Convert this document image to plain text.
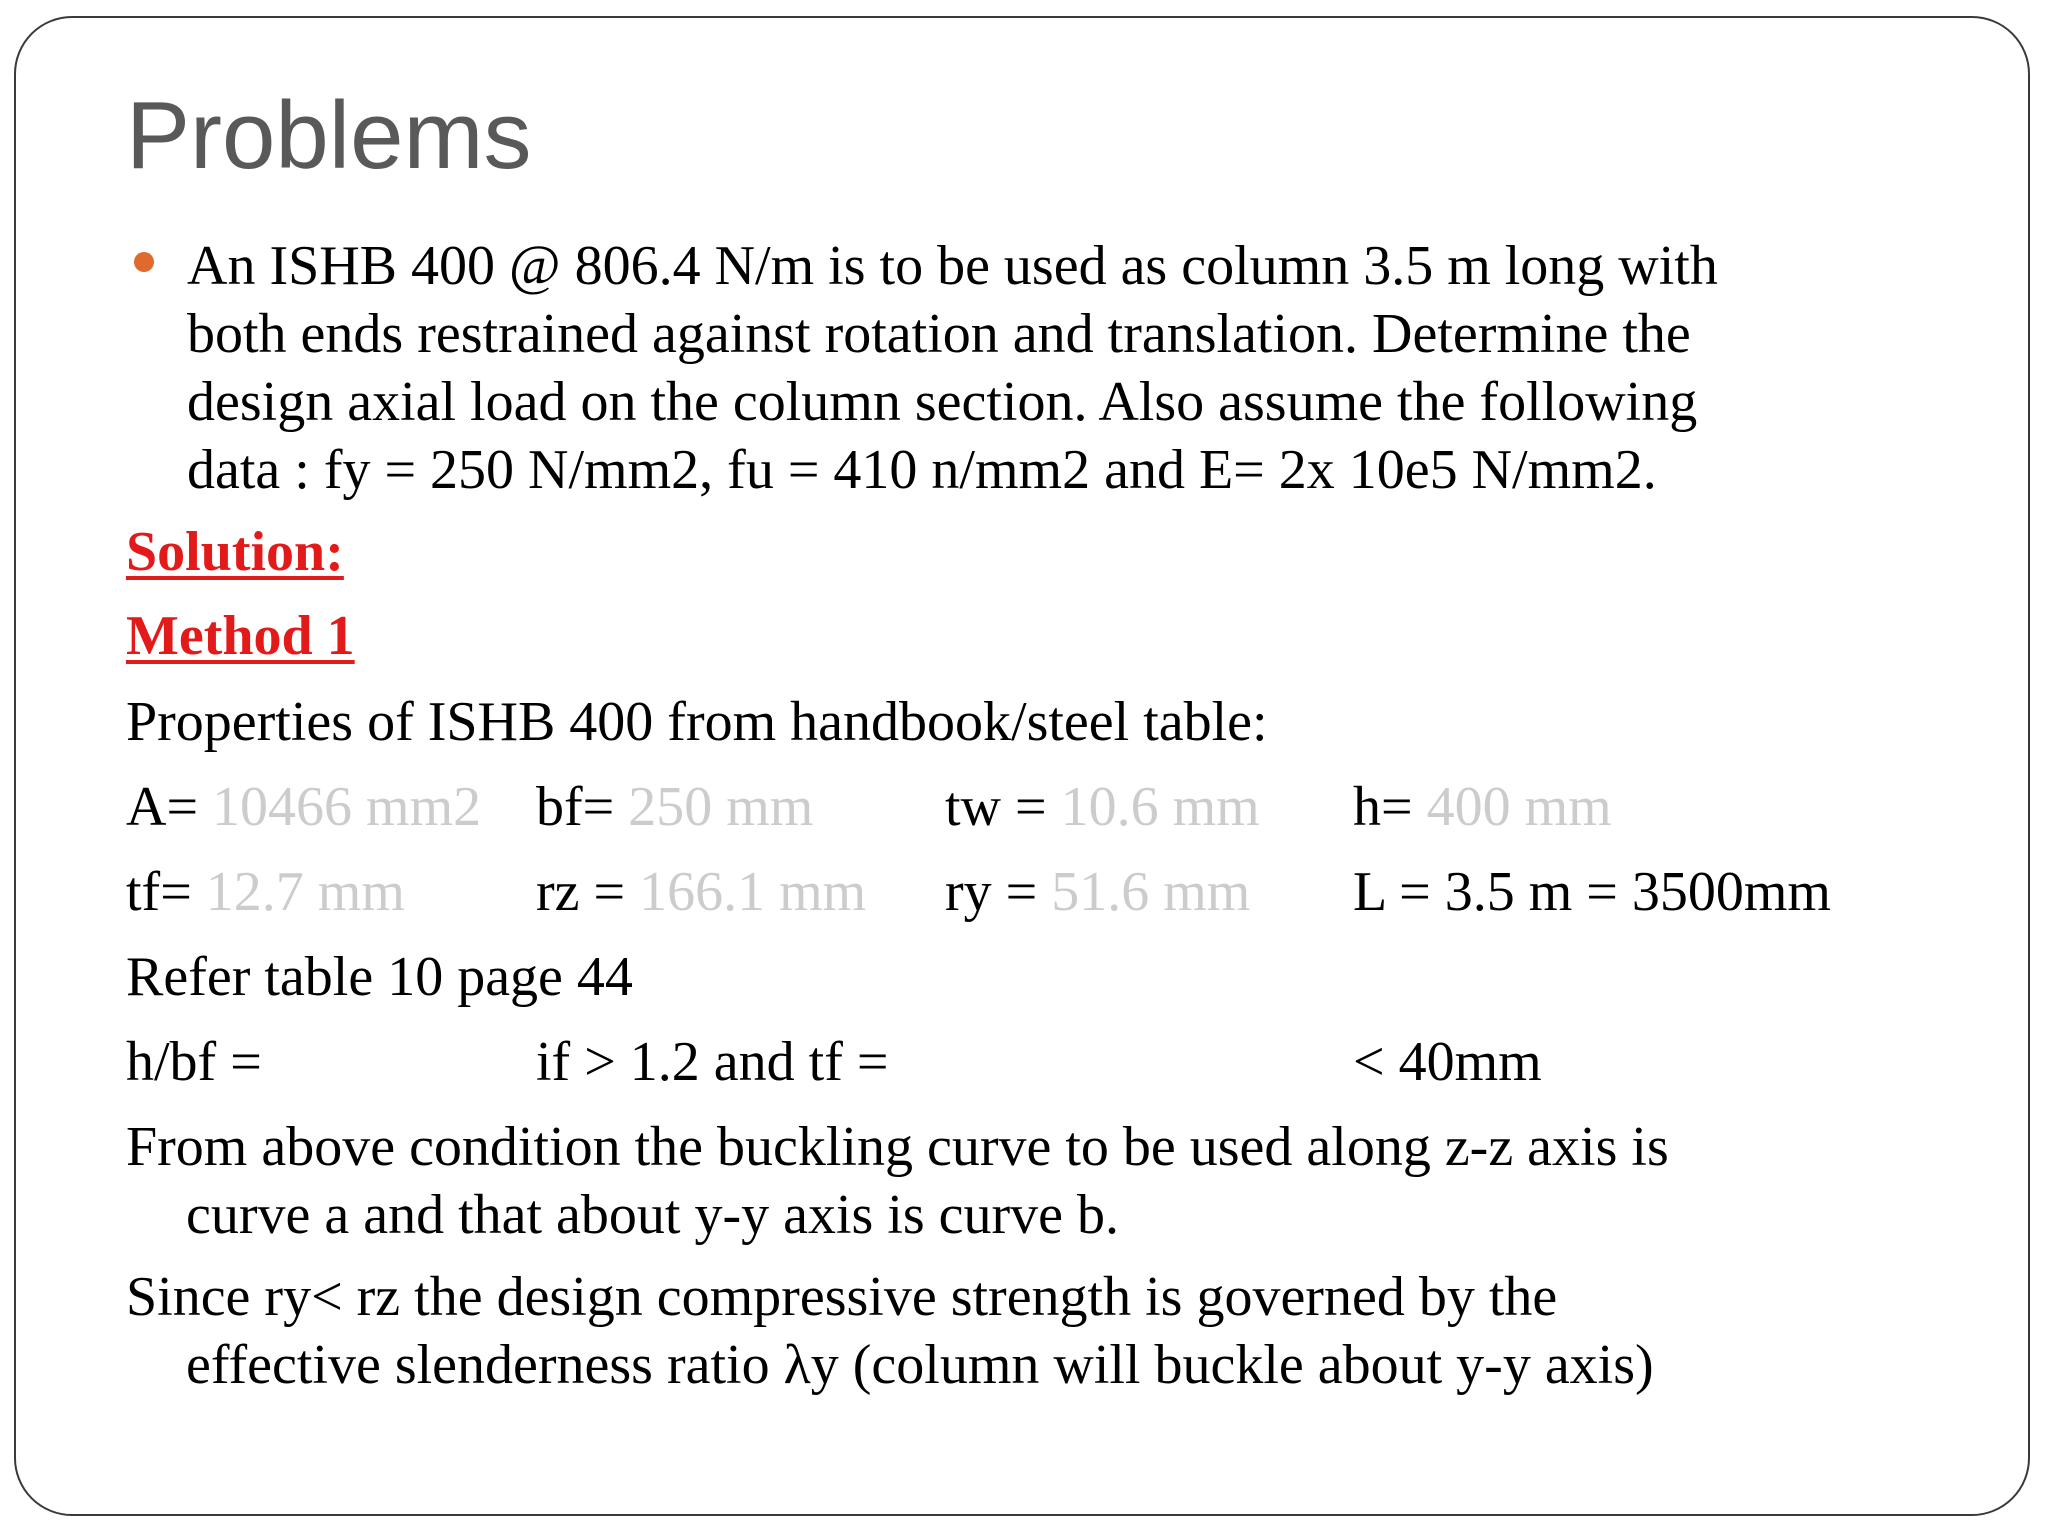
Problems
An ISHB 400 @ 806.4 N/m is to be used as column 3.5 m long with
both ends restrained against rotation and translation. Determine the
design axial load on the column section. Also assume the following
data : fy = 250 N/mm2, fu = 410 n/mm2 and E= 2x 10e5 N/mm2.
Solution:
Method 1
Properties of ISHB 400 from handbook/steel table:
A= 10466 mm2 bf= 250 mm tw = 10.6 mm h= 400 mm
tf= 12.7 mm rz = 166.1 mm ry = 51.6 mm L = 3.5 m = 3500mm
Refer table 10 page 44
h/bf =	if > 1.2 and tf =	< 40mm
From above condition the buckling curve to be used along z-z axis is
curve a and that about y-y axis is curve b.
Since ry< rz the design compressive strength is governed by the
effective slenderness ratio λy (column will buckle about y-y axis)
